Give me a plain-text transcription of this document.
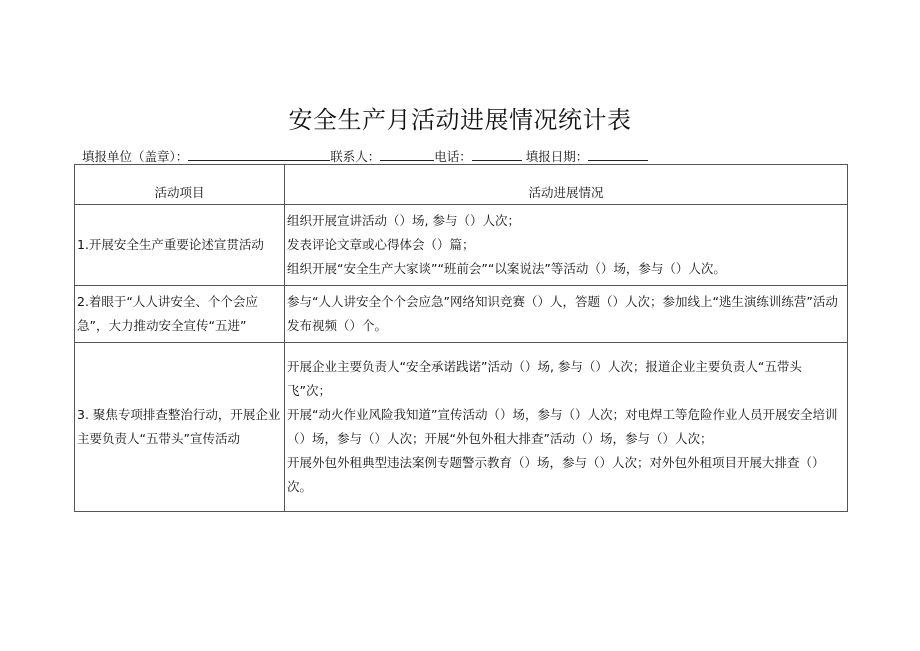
安全生产月活动进展情况统计表
填报单位（盖章）：	联系人：	电话：	填报日期：
活动项目	活动进展情况
1.开展安全生产重要论述宣贯活动	组织开展宣讲活动（）场, 参与（）人次；
发表评论文章或心得体会（）篇；
组织开展“安全生产大家谈”“班前会”“以案说法”等活动（）场，参与（）人次。

2.着眼于“人人讲安全、个个会应急”，大力推动安全宣传“五进”	参与“人人讲安全个个会应急”网络知识竞赛（）人，答题（）人次；参加线上“逃生演练训练营”活动发布视频（）个。

3. 聚焦专项排查整治行动，开展企业主要负责人“五带头”宣传活动	开展企业主要负责人“安全承诺践诺”活动（）场, 参与（）人次；报道企业主要负责人“五带头飞”次；
开展“动火作业风险我知道”宣传活动（）场，参与（）人次；对电焊工等危险作业人员开展安全培训（）场，参与（）人次；开展“外包外租大排查”活动（）场，参与（）人次；
开展外包外租典型违法案例专题警示教育（）场，参与（）人次；对外包外租项目开展大排查（）次。
